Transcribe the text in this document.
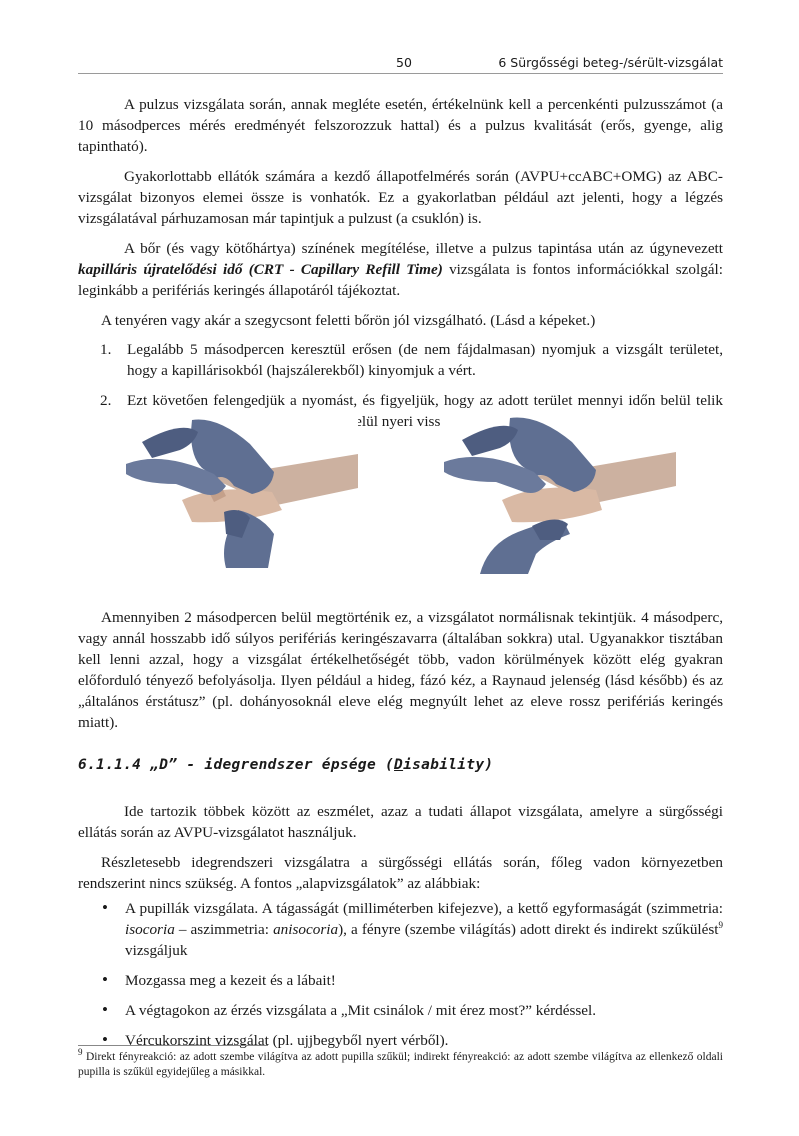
50	6 Sürgősségi beteg-/sérült-vizsgálat

A pulzus vizsgálata során, annak megléte esetén, értékelnünk kell a percenkénti pulzusszámot (a 10 másodperces mérés eredményét felszorozzuk hattal) és a pulzus kvalitását (erős, gyenge, alig tapintható).

Gyakorlottabb ellátók számára a kezdő állapotfelmérés során (AVPU+ccABC+OMG) az ABC-vizsgálat bizonyos elemei össze is vonhatók. Ez a gyakorlatban például azt jelenti, hogy a légzés vizsgálatával párhuzamosan már tapintjuk a pulzust (a csuklón) is.

A bőr (és vagy kötőhártya) színének megítélése, illetve a pulzus tapintása után az úgynevezett kapilláris újratelődési idő (CRT - Capillary Refill Time) vizsgálata is fontos információkkal szolgál: leginkább a perifériás keringés állapotáról tájékoztat.

A tenyéren vagy akár a szegycsont feletti bőrön jól vizsgálható. (Lásd a képeket.)

1. Legalább 5 másodpercen keresztül erősen (de nem fájdalmasan) nyomjuk a vizsgált területet, hogy a kapillárisokból (hajszálerekből) kinyomjuk a vért.
2. Ezt követően felengedjük a nyomást, és figyeljük, hogy az adott terület mennyi időn belül telik belül nyeri vissza

Amennyiben 2 másodpercen belül megtörténik ez, a vizsgálatot normálisnak tekintjük. 4 másodperc, vagy annál hosszabb idő súlyos perifériás keringészavarra (általában sokkra) utal. Ugyanakkor tisztában kell lenni azzal, hogy a vizsgálat értékelhetőségét több, vadon körülmények között elég gyakran előforduló tényező befolyásolja. Ilyen például a hideg, fázó kéz, a Raynaud jelenség (lásd később) és az „általános érstátusz” (pl. dohányosoknál eleve elég megnyúlt lehet az eleve rossz perifériás keringés miatt).

6.1.1.4 „D” - idegrendszer épsége (Disability)

Ide tartozik többek között az eszmélet, azaz a tudati állapot vizsgálata, amelyre a sürgősségi ellátás során az AVPU-vizsgálatot használjuk.

Részletesebb idegrendszeri vizsgálatra a sürgősségi ellátás során, főleg vadon környezetben rendszerint nincs szükség. A fontos „alapvizsgálatok” az alábbiak:

• A pupillák vizsgálata. A tágasságát (milliméterben kifejezve), a kettő egyformaságát (szimmetria: isocoria – aszimmetria: anisocoria), a fényre (szembe világítás) adott direkt és indirekt szűkülést$^9$ vizsgáljuk
• Mozgassa meg a kezeit és a lábait!
• A végtagokon az érzés vizsgálata a „Mit csinálok / mit érez most?” kérdéssel.
• Vércukorszint vizsgálat (pl. ujjbegyből nyert vérből).
$^9$ Direkt fényreakció: az adott szembe világítva az adott pupilla szűkül; indirekt fényreakció: az adott szembe világítva az ellenkező oldali pupilla is szűkül egyidejűleg a másikkal.
